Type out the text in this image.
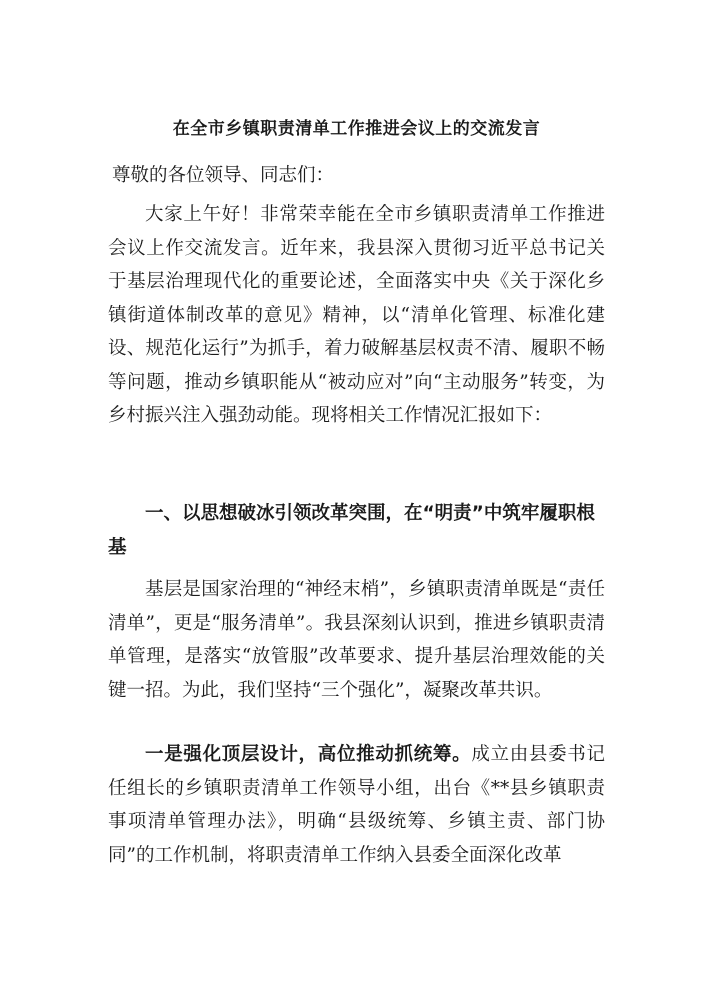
在全市乡镇职责清单工作推进会议上的交流发言
尊敬的各位领导、同志们：

大家上午好！非常荣幸能在全市乡镇职责清单工作推进会议上作交流发言。近年来，我县深入贯彻习近平总书记关于基层治理现代化的重要论述，全面落实中央《关于深化乡镇街道体制改革的意见》精神，以“清单化管理、标准化建设、规范化运行”为抓手，着力破解基层权责不清、履职不畅等问题，推动乡镇职能从“被动应对”向“主动服务”转变，为乡村振兴注入强劲动能。现将相关工作情况汇报如下：

一、以思想破冰引领改革突围，在“明责”中筑牢履职根基

基层是国家治理的“神经末梢”，乡镇职责清单既是“责任清单”，更是“服务清单”。我县深刻认识到，推进乡镇职责清单管理，是落实“放管服”改革要求、提升基层治理效能的关键一招。为此，我们坚持“三个强化”，凝聚改革共识。

一是强化顶层设计，高位推动抓统筹。成立由县委书记任组长的乡镇职责清单工作领导小组，出台《**县乡镇职责事项清单管理办法》，明确“县级统筹、乡镇主责、部门协同”的工作机制，将职责清单工作纳入县委全面深化改革
